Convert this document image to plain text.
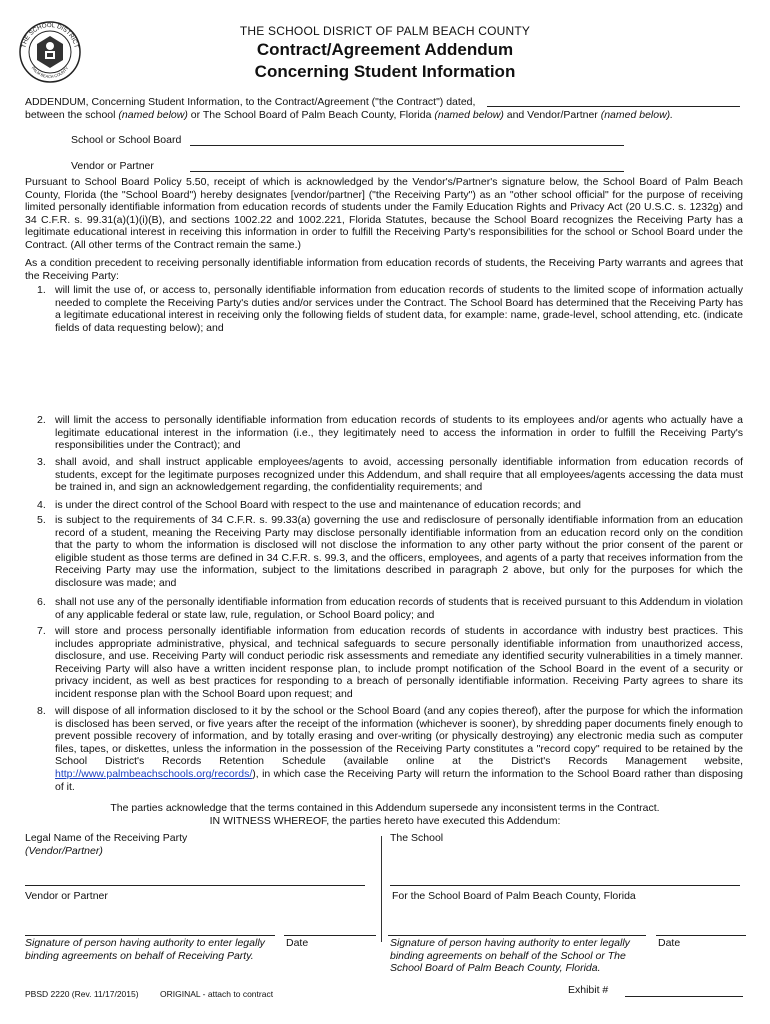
THE SCHOOL DISTRICT
PALM BEACH COUNTY
THE SCHOOL DISRICT OF PALM BEACH COUNTY
Contract/Agreement Addendum
Concerning Student Information
ADDENDUM, Concerning Student Information, to the Contract/Agreement ("the Contract") dated,
between the school (named below) or The School Board of Palm Beach County, Florida (named below) and Vendor/Partner (named below).
School or School Board
Vendor or Partner
Pursuant to School Board Policy 5.50, receipt of which is acknowledged by the Vendor's/Partner's signature below, the School Board of Palm Beach County, Florida (the "School Board") hereby designates [vendor/partner] ("the Receiving Party") as an "other school official" for the purpose of receiving limited personally identifiable information from education records of students under the Family Education Rights and Privacy Act (20 U.S.C. s. 1232g) and 34 C.F.R. s. 99.31(a)(1)(i)(B), and sections 1002.22 and 1002.221, Florida Statutes, because the School Board recognizes the Receiving Party has a legitimate educational interest in receiving this information in order to fulfill the Receiving Party's responsibilities for the school or School Board under the Contract. (All other terms of the Contract remain the same.)
As a condition precedent to receiving personally identifiable information from education records of students, the Receiving Party warrants and agrees that the Receiving Party:
1. will limit the use of, or access to, personally identifiable information from education records of students to the limited scope of information actually needed to complete the Receiving Party's duties and/or services under the Contract. The School Board has determined that the Receiving Party has a legitimate educational interest in receiving only the following fields of student data, for example: name, grade-level, school attending, etc. (indicate fields of data requesting below); and
2. will limit the access to personally identifiable information from education records of students to its employees and/or agents who actually have a legitimate educational interest in the information (i.e., they legitimately need to access the information in order to fulfill the Receiving Party's responsibilities under the Contract); and
3. shall avoid, and shall instruct applicable employees/agents to avoid, accessing personally identifiable information from education records of students, except for the legitimate purposes recognized under this Addendum, and shall require that all employees/agents accessing the data must be trained in, and sign an acknowledgement regarding, the confidentiality requirements; and
4. is under the direct control of the School Board with respect to the use and maintenance of education records; and
5. is subject to the requirements of 34 C.F.R. s. 99.33(a) governing the use and redisclosure of personally identifiable information from an education record of a student, meaning the Receiving Party may disclose personally identifiable information from an education record only on the condition that the party to whom the information is disclosed will not disclose the information to any other party without the prior consent of the parent or eligible student as those terms are defined in 34 C.F.R. s. 99.3, and the officers, employees, and agents of a party that receives information from the Receiving Party may use the information, subject to the limitations described in paragraph 2 above, but only for the purposes for which the disclosure was made; and
6. shall not use any of the personally identifiable information from education records of students that is received pursuant to this Addendum in violation of any applicable federal or state law, rule, regulation, or School Board policy; and
7. will store and process personally identifiable information from education records of students in accordance with industry best practices. This includes appropriate administrative, physical, and technical safeguards to secure personally identifiable information from unauthorized access, disclosure, and use. Receiving Party will conduct periodic risk assessments and remediate any identified security vulnerabilities in a timely manner. Receiving Party will also have a written incident response plan, to include prompt notification of the School Board in the event of a security or privacy incident, as well as best practices for responding to a breach of personally identifiable information. Receiving Party agrees to share its incident response plan with the School Board upon request; and
8. will dispose of all information disclosed to it by the school or the School Board (and any copies thereof), after the purpose for which the information is disclosed has been served, or five years after the receipt of the information (whichever is sooner), by shredding paper documents finely enough to prevent possible recovery of information, and by totally erasing and over-writing (or physically destroying) any electronic media such as computer files, tapes, or diskettes, unless the information in the possession of the Receiving Party constitutes a "record copy" required to be retained by the School District's Records Retention Schedule (available online at the District's Records Management website, http://www.palmbeachschools.org/records/), in which case the Receiving Party will return the information to the School Board rather than disposing of it.
The parties acknowledge that the terms contained in this Addendum supersede any inconsistent terms in the Contract.
IN WITNESS WHEREOF, the parties hereto have executed this Addendum:
Legal Name of the Receiving Party
(Vendor/Partner)
Vendor or Partner
Signature of person having authority to enter legally binding agreements on behalf of Receiving Party.
Date
The School
For the School Board of Palm Beach County, Florida
Signature of person having authority to enter legally binding agreements on behalf of the School or The School Board of Palm Beach County, Florida.
Date
PBSD 2220 (Rev. 11/17/2015)	ORIGINAL - attach to contract	Exhibit #
